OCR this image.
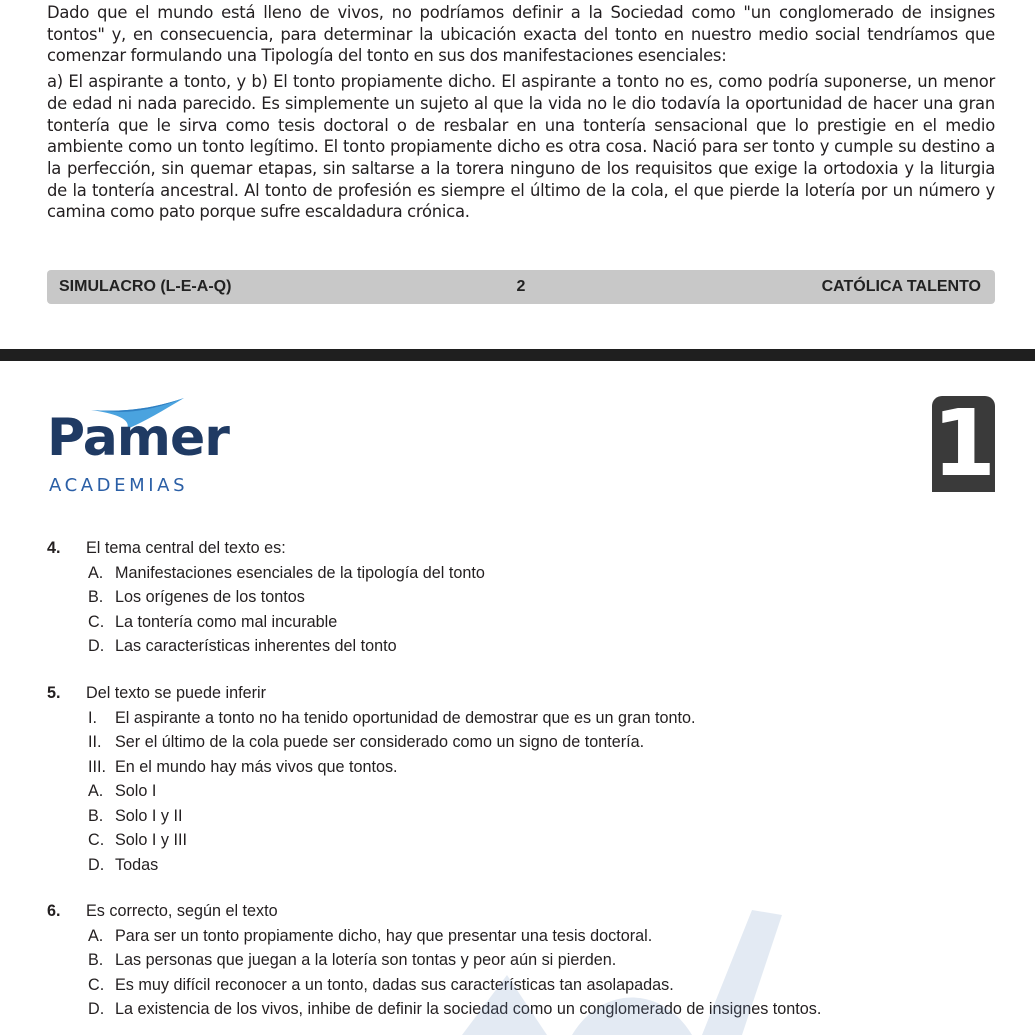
Dado que el mundo está lleno de vivos, no podríamos definir a la Sociedad como "un conglomerado de insignes tontos" y, en consecuencia, para determinar la ubicación exacta del tonto en nuestro medio social tendríamos que comenzar formulando una Tipología del tonto en sus dos manifestaciones esenciales:

a) El aspirante a tonto, y b) El tonto propiamente dicho. El aspirante a tonto no es, como podría suponerse, un menor de edad ni nada parecido. Es simplemente un sujeto al que la vida no le dio todavía la oportunidad de hacer una gran tontería que le sirva como tesis doctoral o de resbalar en una tontería sensacional que lo prestigie en el medio ambiente como un tonto legítimo. El tonto propiamente dicho es otra cosa. Nació para ser tonto y cumple su destino a la perfección, sin quemar etapas, sin saltarse a la torera ninguno de los requisitos que exige la ortodoxia y la liturgia de la tontería ancestral. Al tonto de profesión es siempre el último de la cola, el que pierde la lotería por un número y camina como pato porque sufre escaldadura crónica.

SIMULACRO (L-E-A-Q)	2	CATÓLICA TALENTO
Pamer
ACADEMIAS	1
4.	El tema central del texto es:
A. Manifestaciones esenciales de la tipología del tonto
B. Los orígenes de los tontos
C. La tontería como mal incurable
D. Las características inherentes del tonto
5.	Del texto se puede inferir
I.	El aspirante a tonto no ha tenido oportunidad de demostrar que es un gran tonto.
II. Ser el último de la cola puede ser considerado como un signo de tontería.
III. En el mundo hay más vivos que tontos.
A. Solo I
B. Solo I y II
C. Solo I y III
D. Todas
6.	Es correcto, según el texto
A. Para ser un tonto propiamente dicho, hay que presentar una tesis doctoral.
B. Las personas que juegan a la lotería son tontas y peor aún si pierden.
C. Es muy difícil reconocer a un tonto, dadas sus características tan asolapadas.
D. La existencia de los vivos, inhibe de definir la sociedad como un conglomerado de insignes tontos.
